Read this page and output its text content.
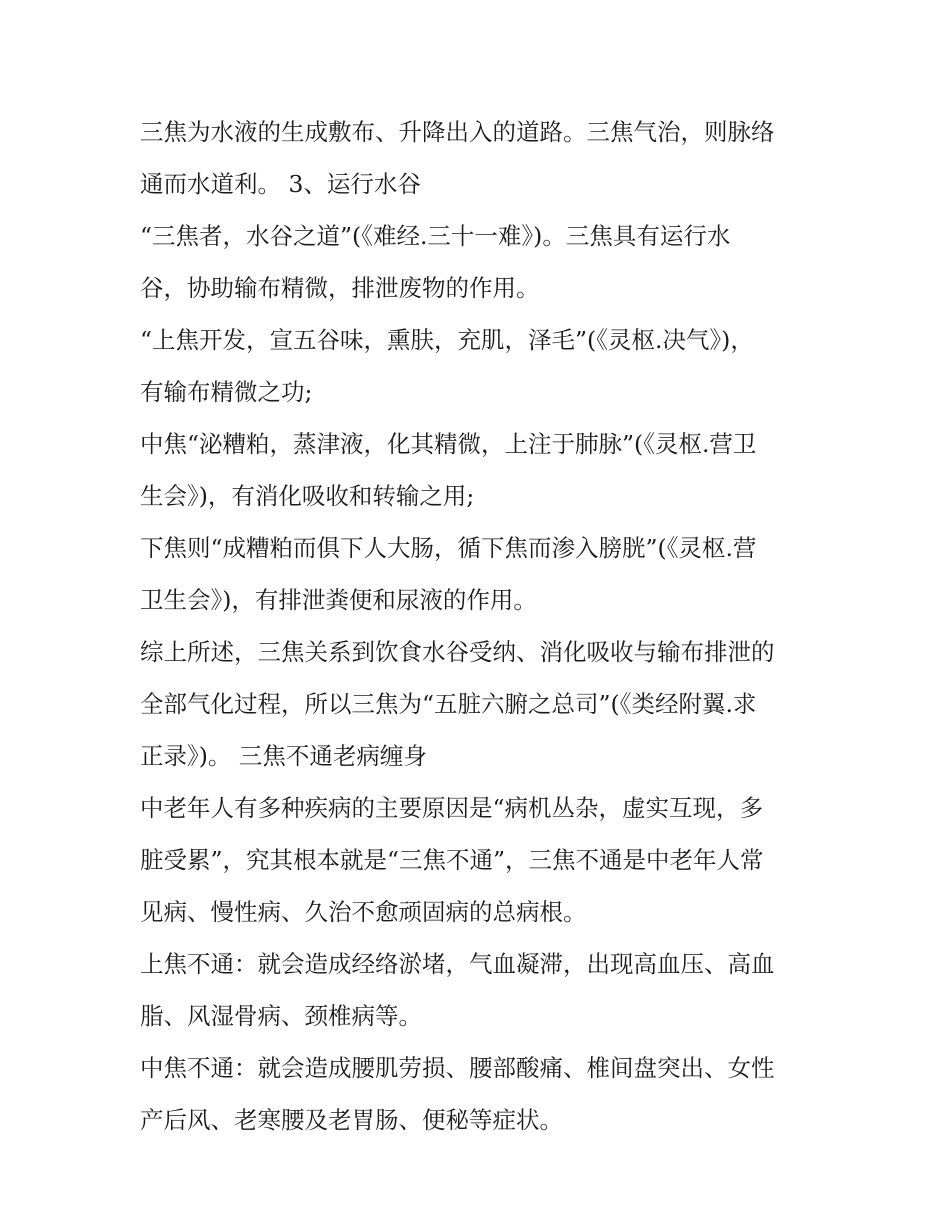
三焦为水液的生成敷布、升降出入的道路。三焦气治，则脉络
通而水道利。 3、运行水谷

“三焦者，水谷之道”(《难经.三十一难》)。三焦具有运行水
谷，协助输布精微，排泄废物的作用。

“上焦开发，宣五谷味，熏肤，充肌，泽毛”(《灵枢.决气》)，
有输布精微之功;

中焦“泌糟粕，蒸津液，化其精微，上注于肺脉”(《灵枢.营卫
生会》)，有消化吸收和转输之用;

下焦则“成糟粕而俱下人大肠，循下焦而渗入膀胱”(《灵枢.营
卫生会》)，有排泄粪便和尿液的作用。

综上所述，三焦关系到饮食水谷受纳、消化吸收与输布排泄的
全部气化过程，所以三焦为“五脏六腑之总司”(《类经附翼.求
正录》)。 三焦不通老病缠身

中老年人有多种疾病的主要原因是“病机丛杂，虚实互现，多
脏受累”，究其根本就是“三焦不通”，三焦不通是中老年人常
见病、慢性病、久治不愈顽固病的总病根。

上焦不通：就会造成经络淤堵，气血凝滞，出现高血压、高血
脂、风湿骨病、颈椎病等。

中焦不通：就会造成腰肌劳损、腰部酸痛、椎间盘突出、女性
产后风、老寒腰及老胃肠、便秘等症状。
